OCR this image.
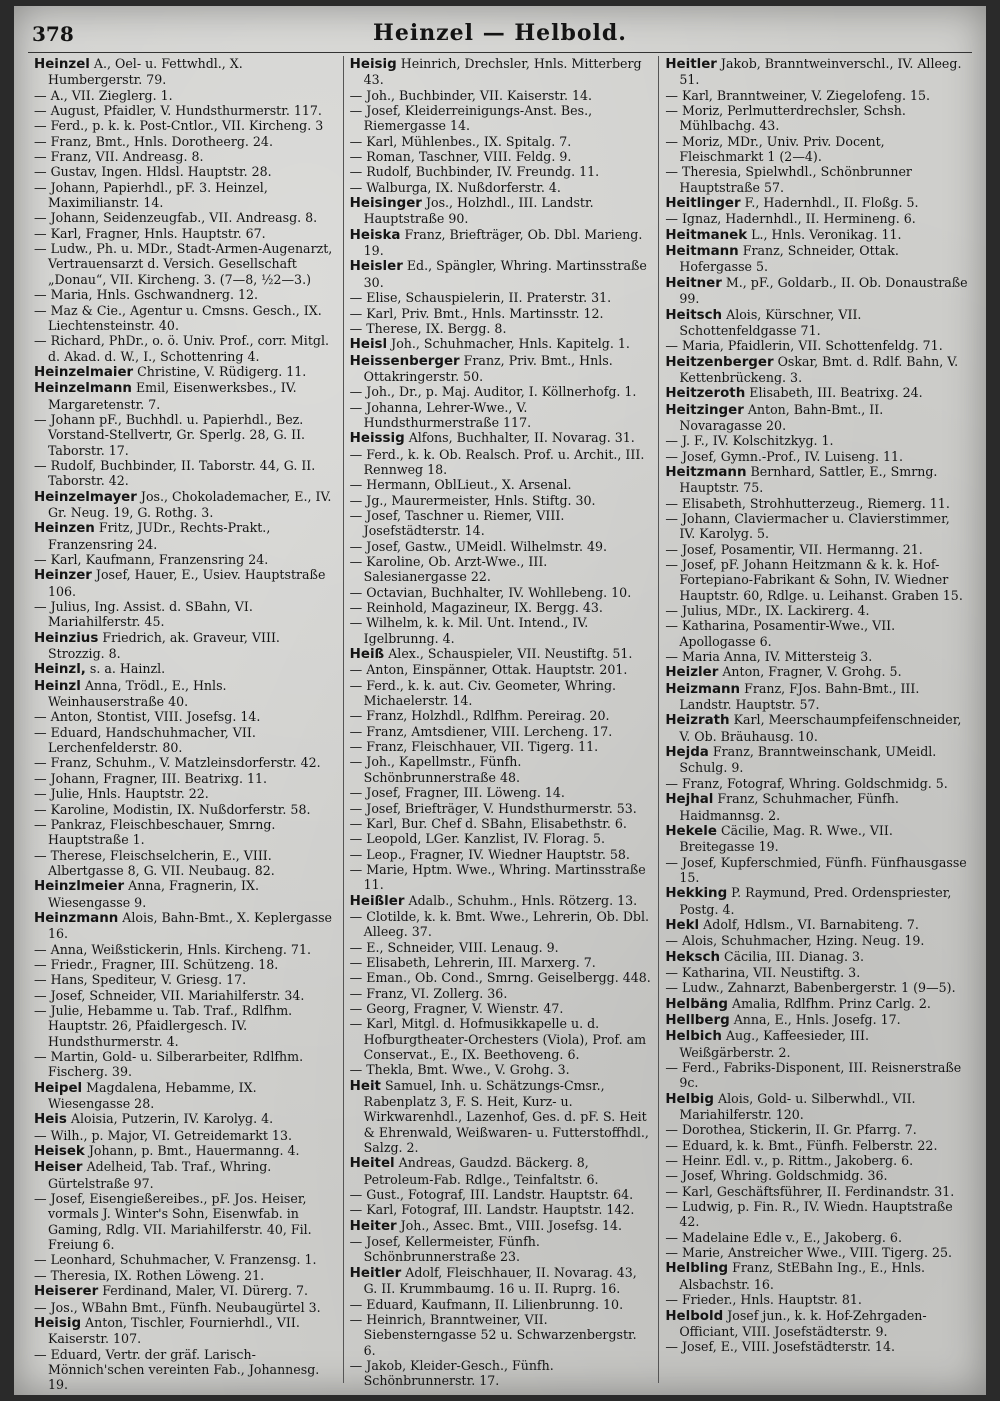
378	Heinzel — Helbold.

Heinzel A., Oel- u. Fettwhdl., X. Humbergerstr. 79.

— A., VII. Zieglerg. 1.

— August, Pfaidler, V. Hundsthurmerstr. 117.

— Ferd., p. k. k. Post-Cntlor., VII. Kircheng. 3

— Franz, Bmt., Hnls. Dorotheerg. 24.

— Franz, VII. Andreasg. 8.

— Gustav, Ingen. Hldsl. Hauptstr. 28.

— Johann, Papierhdl., pF. 3. Heinzel, Maximilianstr. 14.

— Johann, Seidenzeugfab., VII. Andreasg. 8.

— Karl, Fragner, Hnls. Hauptstr. 67.

— Ludw., Ph. u. MDr., Stadt-Armen-Augenarzt, Vertrauensarzt d. Versich. Gesellschaft „Donau“, VII. Kircheng. 3. (7—8, ½2—3.)

— Maria, Hnls. Gschwandnerg. 12.

— Maz & Cie., Agentur u. Cmsns. Gesch., IX. Liechtensteinstr. 40.

— Richard, PhDr., o. ö. Univ. Prof., corr. Mitgl. d. Akad. d. W., I., Schottenring 4.

Heinzelmaier Christine, V. Rüdigerg. 11.

Heinzelmann Emil, Eisenwerksbes., IV. Margaretenstr. 7.

— Johann pF., Buchhdl. u. Papierhdl., Bez. Vorstand-Stellvertr, Gr. Sperlg. 28, G. II. Taborstr. 17.

— Rudolf, Buchbinder, II. Taborstr. 44, G. II. Taborstr. 42.

Heinzelmayer Jos., Chokolademacher, E., IV. Gr. Neug. 19, G. Rothg. 3.

Heinzen Fritz, JUDr., Rechts-Prakt., Franzensring 24.

— Karl, Kaufmann, Franzensring 24.

Heinzer Josef, Hauer, E., Usiev. Hauptstraße 106.

— Julius, Ing. Assist. d. SBahn, VI. Mariahilferstr. 45.

Heinzius Friedrich, ak. Graveur, VIII. Strozzig. 8.

Heinzl, s. a. Hainzl.

Heinzl Anna, Trödl., E., Hnls. Weinhauserstraße 40.

— Anton, Stontist, VIII. Josefsg. 14.

— Eduard, Handschuhmacher, VII. Lerchenfelderstr. 80.

— Franz, Schuhm., V. Matzleinsdorferstr. 42.

— Johann, Fragner, III. Beatrixg. 11.

— Julie, Hnls. Hauptstr. 22.

— Karoline, Modistin, IX. Nußdorferstr. 58.

— Pankraz, Fleischbeschauer, Smrng. Hauptstraße 1.

— Therese, Fleischselcherin, E., VIII. Albertgasse 8, G. VII. Neubaug. 82.

Heinzlmeier Anna, Fragnerin, IX. Wiesengasse 9.

Heinzmann Alois, Bahn-Bmt., X. Keplergasse 16.

— Anna, Weißstickerin, Hnls. Kircheng. 71.

— Friedr., Fragner, III. Schützeng. 18.

— Hans, Spediteur, V. Griesg. 17.

— Josef, Schneider, VII. Mariahilferstr. 34.

— Julie, Hebamme u. Tab. Traf., Rdlfhm. Hauptstr. 26, Pfaidlergesch. IV. Hundsthurmerstr. 4.

— Martin, Gold- u. Silberarbeiter, Rdlfhm. Fischerg. 39.

Heipel Magdalena, Hebamme, IX. Wiesengasse 28.

Heis Aloisia, Putzerin, IV. Karolyg. 4.

— Wilh., p. Major, VI. Getreidemarkt 13.

Heisek Johann, p. Bmt., Hauermanng. 4.

Heiser Adelheid, Tab. Traf., Whring. Gürtelstraße 97.

— Josef, Eisengießereibes., pF. Jos. Heiser, vormals J. Winter's Sohn, Eisenwfab. in Gaming, Rdlg. VII. Mariahilferstr. 40, Fil. Freiung 6.

— Leonhard, Schuhmacher, V. Franzensg. 1.

— Theresia, IX. Rothen Löweng. 21.

Heiserer Ferdinand, Maler, VI. Dürerg. 7.

— Jos., WBahn Bmt., Fünfh. Neubaugürtel 3.

Heisig Anton, Tischler, Fournierhdl., VII. Kaiserstr. 107.

— Eduard, Vertr. der gräf. Larisch-Mönnich'schen vereinten Fab., Johannesg. 19.

Heisig Heinrich, Drechsler, Hnls. Mitterberg 43.

— Joh., Buchbinder, VII. Kaiserstr. 14.

— Josef, Kleiderreinigungs-Anst. Bes., Riemergasse 14.

— Karl, Mühlenbes., IX. Spitalg. 7.

— Roman, Taschner, VIII. Feldg. 9.

— Rudolf, Buchbinder, IV. Freundg. 11.

— Walburga, IX. Nußdorferstr. 4.

Heisinger Jos., Holzhdl., III. Landstr. Hauptstraße 90.

Heiska Franz, Briefträger, Ob. Dbl. Marieng. 19.

Heisler Ed., Spängler, Whring. Martinsstraße 30.

— Elise, Schauspielerin, II. Praterstr. 31.

— Karl, Priv. Bmt., Hnls. Martinsstr. 12.

— Therese, IX. Bergg. 8.

Heisl Joh., Schuhmacher, Hnls. Kapitelg. 1.

Heissenberger Franz, Priv. Bmt., Hnls. Ottakringerstr. 50.

— Joh., Dr., p. Maj. Auditor, I. Köllnerhofg. 1.

— Johanna, Lehrer-Wwe., V. Hundsthurmerstraße 117.

Heissig Alfons, Buchhalter, II. Novarag. 31.

— Ferd., k. k. Ob. Realsch. Prof. u. Archit., III. Rennweg 18.

— Hermann, OblLieut., X. Arsenal.

— Jg., Maurermeister, Hnls. Stiftg. 30.

— Josef, Taschner u. Riemer, VIII. Josefstädterstr. 14.

— Josef, Gastw., UMeidl. Wilhelmstr. 49.

— Karoline, Ob. Arzt-Wwe., III. Salesianergasse 22.

— Octavian, Buchhalter, IV. Wohllebeng. 10.

— Reinhold, Magazineur, IX. Bergg. 43.

— Wilhelm, k. k. Mil. Unt. Intend., IV. Igelbrunng. 4.

Heiß Alex., Schauspieler, VII. Neustiftg. 51.

— Anton, Einspänner, Ottak. Hauptstr. 201.

— Ferd., k. k. aut. Civ. Geometer, Whring. Michaelerstr. 14.

— Franz, Holzhdl., Rdlfhm. Pereirag. 20.

— Franz, Amtsdiener, VIII. Lercheng. 17.

— Franz, Fleischhauer, VII. Tigerg. 11.

— Joh., Kapellmstr., Fünfh. Schönbrunnerstraße 48.

— Josef, Fragner, III. Löweng. 14.

— Josef, Briefträger, V. Hundsthurmerstr. 53.

— Karl, Bur. Chef d. SBahn, Elisabethstr. 6.

— Leopold, LGer. Kanzlist, IV. Florag. 5.

— Leop., Fragner, IV. Wiedner Hauptstr. 58.

— Marie, Hptm. Wwe., Whring. Martinsstraße 11.

Heißler Adalb., Schuhm., Hnls. Rötzerg. 13.

— Clotilde, k. k. Bmt. Wwe., Lehrerin, Ob. Dbl. Alleeg. 37.

— E., Schneider, VIII. Lenaug. 9.

— Elisabeth, Lehrerin, III. Marxerg. 7.

— Eman., Ob. Cond., Smrng. Geiselbergg. 448.

— Franz, VI. Zollerg. 36.

— Georg, Fragner, V. Wienstr. 47.

— Karl, Mitgl. d. Hofmusikkapelle u. d. Hofburgtheater-Orchesters (Viola), Prof. am Conservat., E., IX. Beethoveng. 6.

— Thekla, Bmt. Wwe., V. Grohg. 3.

Heit Samuel, Inh. u. Schätzungs-Cmsr., Rabenplatz 3, F. S. Heit, Kurz- u. Wirkwarenhdl., Lazenhof, Ges. d. pF. S. Heit & Ehrenwald, Weißwaren- u. Futterstoffhdl., Salzg. 2.

Heitel Andreas, Gaudzd. Bäckerg. 8, Petroleum-Fab. Rdlge., Teinfaltstr. 6.

— Gust., Fotograf, III. Landstr. Hauptstr. 64.

— Karl, Fotograf, III. Landstr. Hauptstr. 142.

Heiter Joh., Assec. Bmt., VIII. Josefsg. 14.

— Josef, Kellermeister, Fünfh. Schönbrunnerstraße 23.

Heitler Adolf, Fleischhauer, II. Novarag. 43, G. II. Krummbaumg. 16 u. II. Ruprg. 16.

— Eduard, Kaufmann, II. Lilienbrunng. 10.

— Heinrich, Branntweiner, VII. Siebensterngasse 52 u. Schwarzenbergstr. 6.

— Jakob, Kleider-Gesch., Fünfh. Schönbrunnerstr. 17.

Heitler Jakob, Branntweinverschl., IV. Alleeg. 51.

— Karl, Branntweiner, V. Ziegelofeng. 15.

— Moriz, Perlmutterdrechsler, Schsh. Mühlbachg. 43.

— Moriz, MDr., Univ. Priv. Docent, Fleischmarkt 1 (2—4).

— Theresia, Spielwhdl., Schönbrunner Hauptstraße 57.

Heitlinger F., Hadernhdl., II. Floßg. 5.

— Ignaz, Hadernhdl., II. Hermineng. 6.

Heitmanek L., Hnls. Veronikag. 11.

Heitmann Franz, Schneider, Ottak. Hofergasse 5.

Heitner M., pF., Goldarb., II. Ob. Donaustraße 99.

Heitsch Alois, Kürschner, VII. Schottenfeldgasse 71.

— Maria, Pfaidlerin, VII. Schottenfeldg. 71.

Heitzenberger Oskar, Bmt. d. Rdlf. Bahn, V. Kettenbrückeng. 3.

Heitzeroth Elisabeth, III. Beatrixg. 24.

Heitzinger Anton, Bahn-Bmt., II. Novaragasse 20.

— J. F., IV. Kolschitzkyg. 1.

— Josef, Gymn.-Prof., IV. Luiseng. 11.

Heitzmann Bernhard, Sattler, E., Smrng. Hauptstr. 75.

— Elisabeth, Strohhutterzeug., Riemerg. 11.

— Johann, Claviermacher u. Clavierstimmer, IV. Karolyg. 5.

— Josef, Posamentir, VII. Hermanng. 21.

— Josef, pF. Johann Heitzmann & k. k. Hof-Fortepiano-Fabrikant & Sohn, IV. Wiedner Hauptstr. 60, Rdlge. u. Leihanst. Graben 15.

— Julius, MDr., IX. Lackirerg. 4.

— Katharina, Posamentir-Wwe., VII. Apollogasse 6.

— Maria Anna, IV. Mittersteig 3.

Heizler Anton, Fragner, V. Grohg. 5.

Heizmann Franz, FJos. Bahn-Bmt., III. Landstr. Hauptstr. 57.

Heizrath Karl, Meerschaumpfeifenschneider, V. Ob. Bräuhausg. 10.

Hejda Franz, Branntweinschank, UMeidl. Schulg. 9.

— Franz, Fotograf, Whring. Goldschmidg. 5.

Hejhal Franz, Schuhmacher, Fünfh. Haidmannsg. 2.

Hekele Cäcilie, Mag. R. Wwe., VII. Breitegasse 19.

— Josef, Kupferschmied, Fünfh. Fünfhausgasse 15.

Hekking P. Raymund, Pred. Ordenspriester, Postg. 4.

Hekl Adolf, Hdlsm., VI. Barnabiteng. 7.

— Alois, Schuhmacher, Hzing. Neug. 19.

Heksch Cäcilia, III. Dianag. 3.

— Katharina, VII. Neustiftg. 3.

— Ludw., Zahnarzt, Babenbergerstr. 1 (9—5).

Helbäng Amalia, Rdlfhm. Prinz Carlg. 2.

Hellberg Anna, E., Hnls. Josefg. 17.

Helbich Aug., Kaffeesieder, III. Weißgärberstr. 2.

— Ferd., Fabriks-Disponent, III. Reisnerstraße 9c.

Helbig Alois, Gold- u. Silberwhdl., VII. Mariahilferstr. 120.

— Dorothea, Stickerin, II. Gr. Pfarrg. 7.

— Eduard, k. k. Bmt., Fünfh. Felberstr. 22.

— Heinr. Edl. v., p. Rittm., Jakoberg. 6.

— Josef, Whring. Goldschmidg. 36.

— Karl, Geschäftsführer, II. Ferdinandstr. 31.

— Ludwig, p. Fin. R., IV. Wiedn. Hauptstraße 42.

— Madelaine Edle v., E., Jakoberg. 6.

— Marie, Anstreicher Wwe., VIII. Tigerg. 25.

Helbling Franz, StEBahn Ing., E., Hnls. Alsbachstr. 16.

— Frieder., Hnls. Hauptstr. 81.

Helbold Josef jun., k. k. Hof-Zehrgaden-Officiant, VIII. Josefstädterstr. 9.

— Josef, E., VIII. Josefstädterstr. 14.
